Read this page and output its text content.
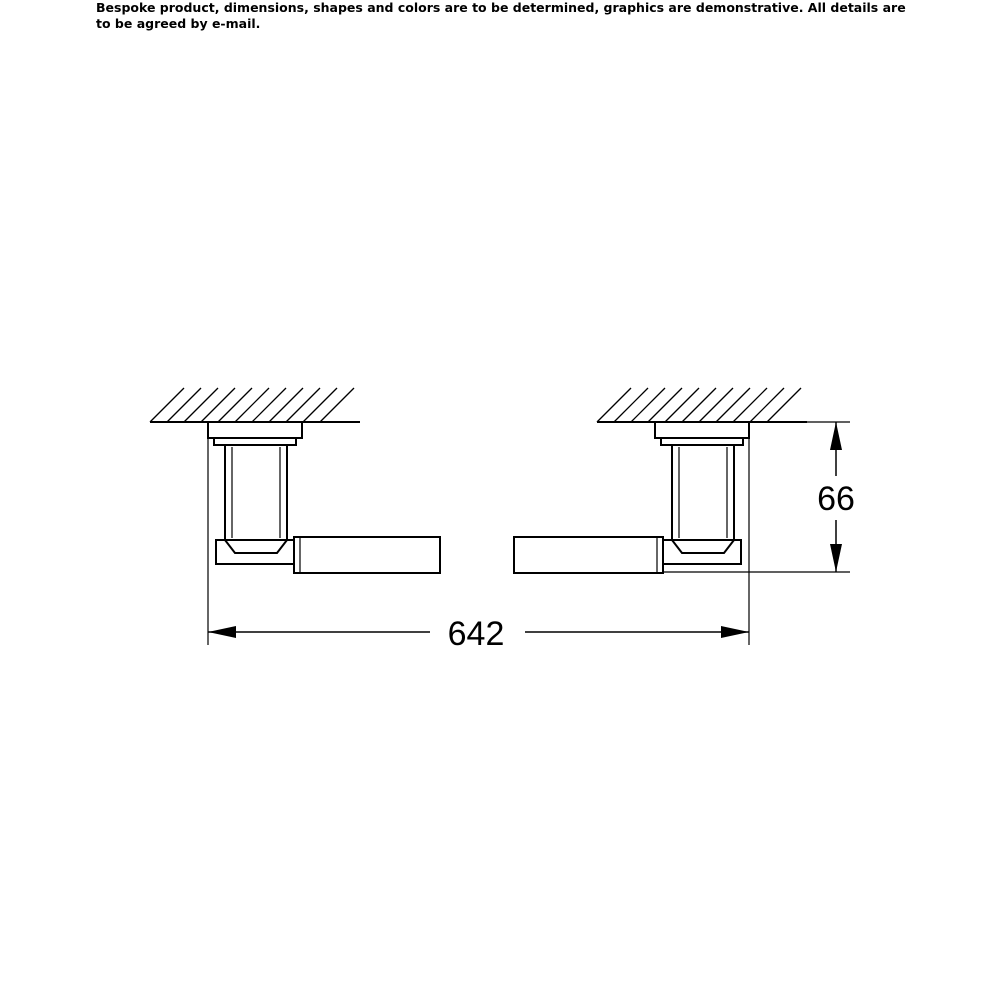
Bespoke product, dimensions, shapes and colors are to be determined, graphics are demonstrative. All details are to be agreed by e-mail.

642
66
